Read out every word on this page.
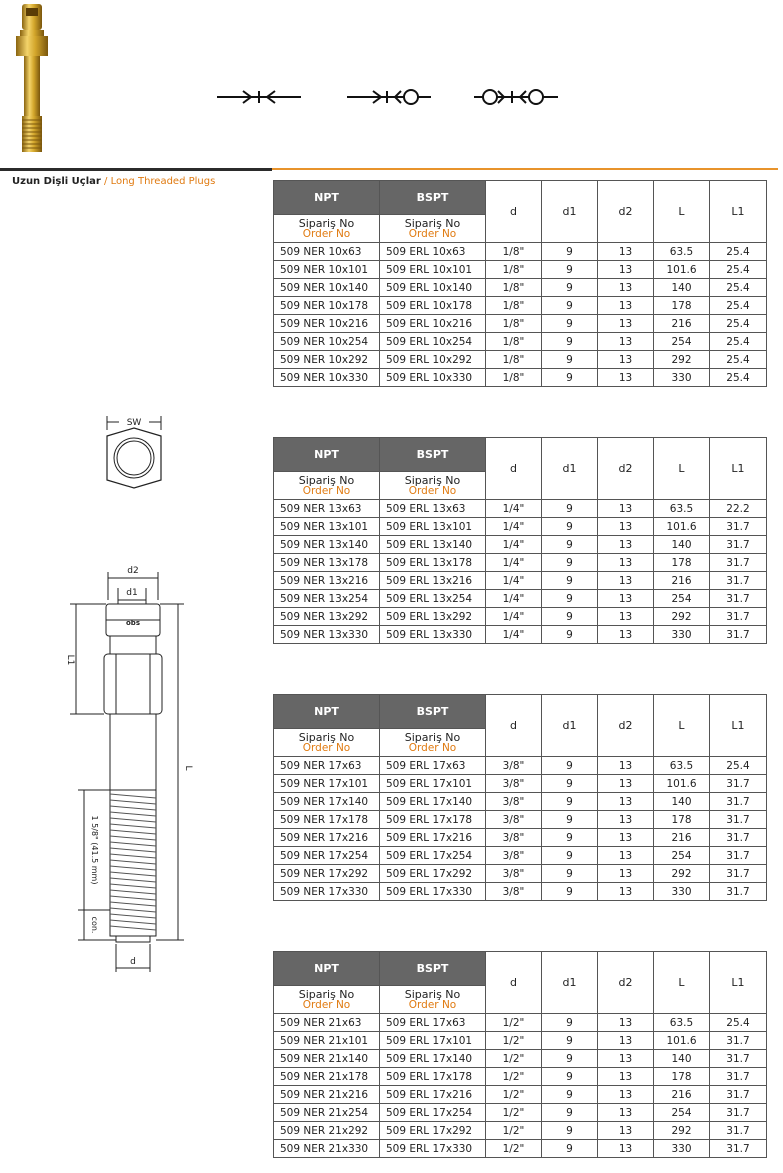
Uzun Dişli Uçlar / Long Threaded Plugs
SW
d2
d1
obs
d
L1
L
1 5/8" (41.5 mm)
con.
NPT	BSPT	d	d1	d2	L	L1

Sipariş No
Order No	Sipariş No
Order No					

509 NER 10x63	509 ERL 10x63	1/8"	9	13	63.5	25.4
509 NER 10x101	509 ERL 10x101	1/8"	9	13	101.6	25.4
509 NER 10x140	509 ERL 10x140	1/8"	9	13	140	25.4
509 NER 10x178	509 ERL 10x178	1/8"	9	13	178	25.4
509 NER 10x216	509 ERL 10x216	1/8"	9	13	216	25.4
509 NER 10x254	509 ERL 10x254	1/8"	9	13	254	25.4
509 NER 10x292	509 ERL 10x292	1/8"	9	13	292	25.4
509 NER 10x330	509 ERL 10x330	1/8"	9	13	330	25.4
NPT	BSPT	d	d1	d2	L	L1

Sipariş No
Order No	Sipariş No
Order No					

509 NER 13x63	509 ERL 13x63	1/4"	9	13	63.5	22.2
509 NER 13x101	509 ERL 13x101	1/4"	9	13	101.6	31.7
509 NER 13x140	509 ERL 13x140	1/4"	9	13	140	31.7
509 NER 13x178	509 ERL 13x178	1/4"	9	13	178	31.7
509 NER 13x216	509 ERL 13x216	1/4"	9	13	216	31.7
509 NER 13x254	509 ERL 13x254	1/4"	9	13	254	31.7
509 NER 13x292	509 ERL 13x292	1/4"	9	13	292	31.7
509 NER 13x330	509 ERL 13x330	1/4"	9	13	330	31.7
NPT	BSPT	d	d1	d2	L	L1

Sipariş No
Order No	Sipariş No
Order No					

509 NER 17x63	509 ERL 17x63	3/8"	9	13	63.5	25.4
509 NER 17x101	509 ERL 17x101	3/8"	9	13	101.6	31.7
509 NER 17x140	509 ERL 17x140	3/8"	9	13	140	31.7
509 NER 17x178	509 ERL 17x178	3/8"	9	13	178	31.7
509 NER 17x216	509 ERL 17x216	3/8"	9	13	216	31.7
509 NER 17x254	509 ERL 17x254	3/8"	9	13	254	31.7
509 NER 17x292	509 ERL 17x292	3/8"	9	13	292	31.7
509 NER 17x330	509 ERL 17x330	3/8"	9	13	330	31.7
NPT	BSPT	d	d1	d2	L	L1

Sipariş No
Order No	Sipariş No
Order No					

509 NER 21x63	509 ERL 17x63	1/2"	9	13	63.5	25.4
509 NER 21x101	509 ERL 17x101	1/2"	9	13	101.6	31.7
509 NER 21x140	509 ERL 17x140	1/2"	9	13	140	31.7
509 NER 21x178	509 ERL 17x178	1/2"	9	13	178	31.7
509 NER 21x216	509 ERL 17x216	1/2"	9	13	216	31.7
509 NER 21x254	509 ERL 17x254	1/2"	9	13	254	31.7
509 NER 21x292	509 ERL 17x292	1/2"	9	13	292	31.7
509 NER 21x330	509 ERL 17x330	1/2"	9	13	330	31.7
